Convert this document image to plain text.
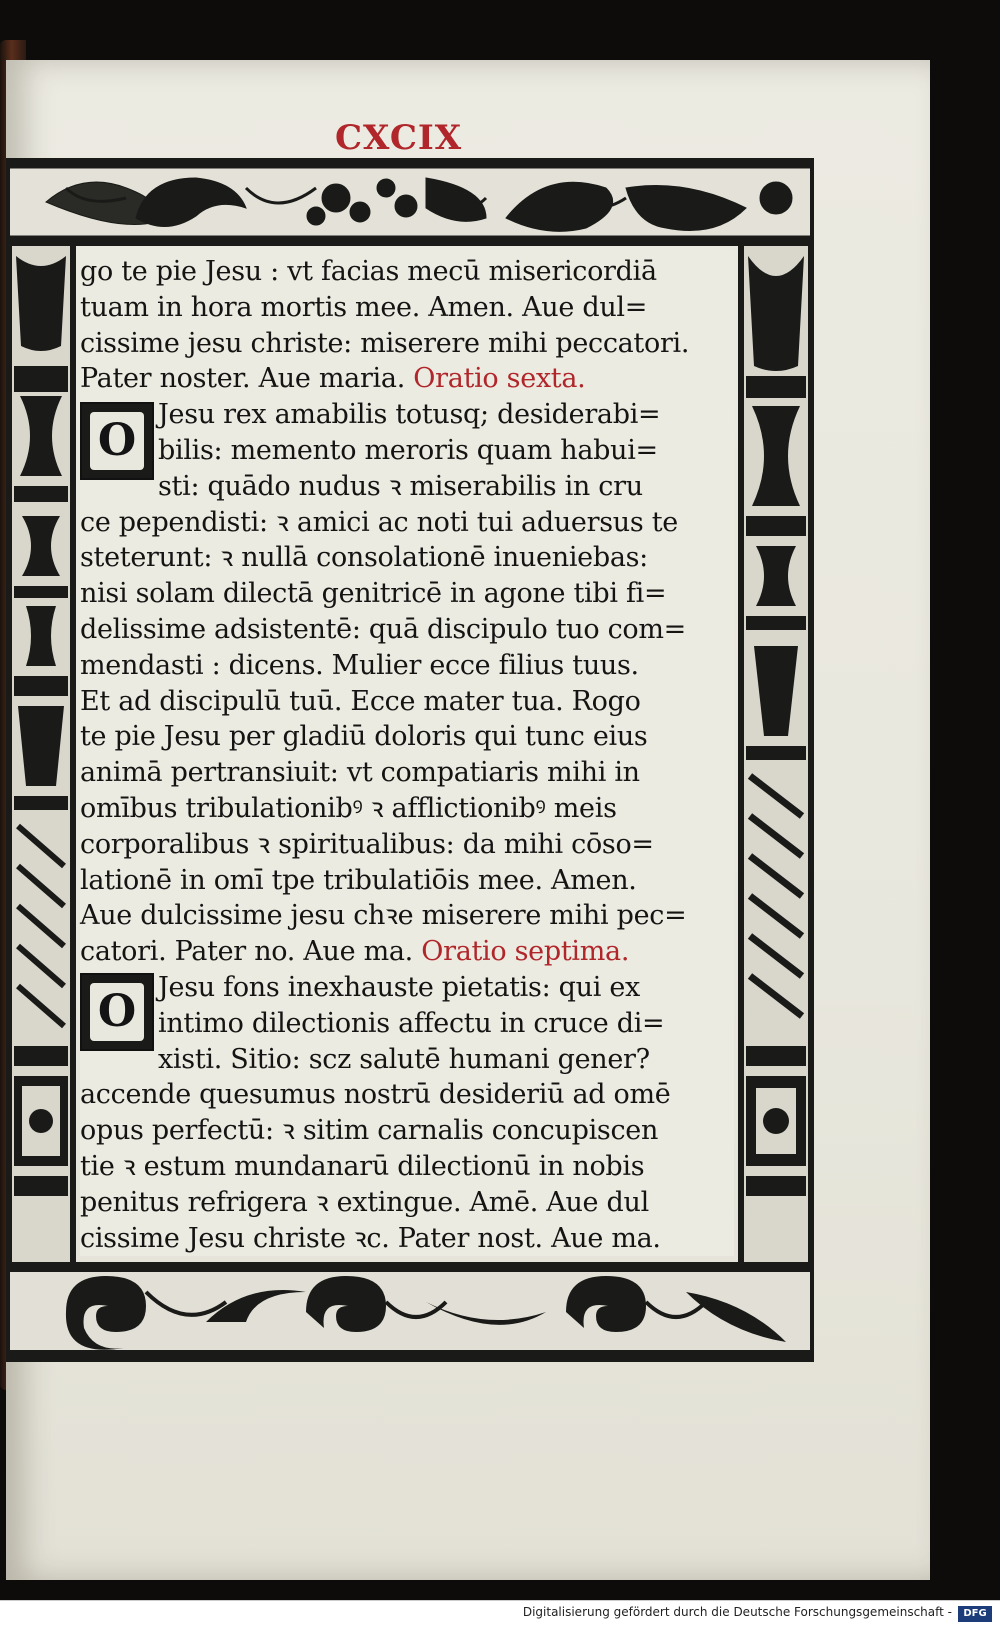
CXCIX
O
O
go te pie Jesu : vt facias mecū misericordiā
tuam in hora mortis mee. Amen. Aue dul=
cissime jesu christe: miserere mihi peccatori.
Pater noster. Aue maria. Oratio sexta.
Jesu rex amabilis totusq; desiderabi=
bilis: memento meroris quam habui=
sti: quādo nudus ꝛ miserabilis in cru
ce pependisti: ꝛ amici ac noti tui aduersus te
steterunt: ꝛ nullā consolationē inueniebas:
nisi solam dilectā genitricē in agone tibi fi=
delissime adsistentē: quā discipulo tuo com=
mendasti : dicens. Mulier ecce filius tuus.
Et ad discipulū tuū. Ecce mater tua. Rogo
te pie Jesu per gladiū doloris qui tunc eius
animā pertransiuit: vt compatiaris mihi in
omībus tribulationibꝰ ꝛ afflictionibꝰ meis
corporalibus ꝛ spiritualibus: da mihi cōso=
lationē in omī tpe tribulatiōis mee. Amen.
Aue dulcissime jesu chꝛe miserere mihi pec=
catori. Pater no. Aue ma. Oratio septima.
Jesu fons inexhauste pietatis: qui ex
intimo dilectionis affectu in cruce di=
xisti. Sitio: scz salutē humani gener?
accende quesumus nostrū desideriū ad omē
opus perfectū: ꝛ sitim carnalis concupiscen
tie ꝛ estum mundanarū dilectionū in nobis
penitus refrigera ꝛ extingue. Amē. Aue dul
cissime Jesu christe ꝛc. Pater nost. Aue ma.
Digitalisierung gefördert durch die Deutsche Forschungsgemeinschaft -	DFG
